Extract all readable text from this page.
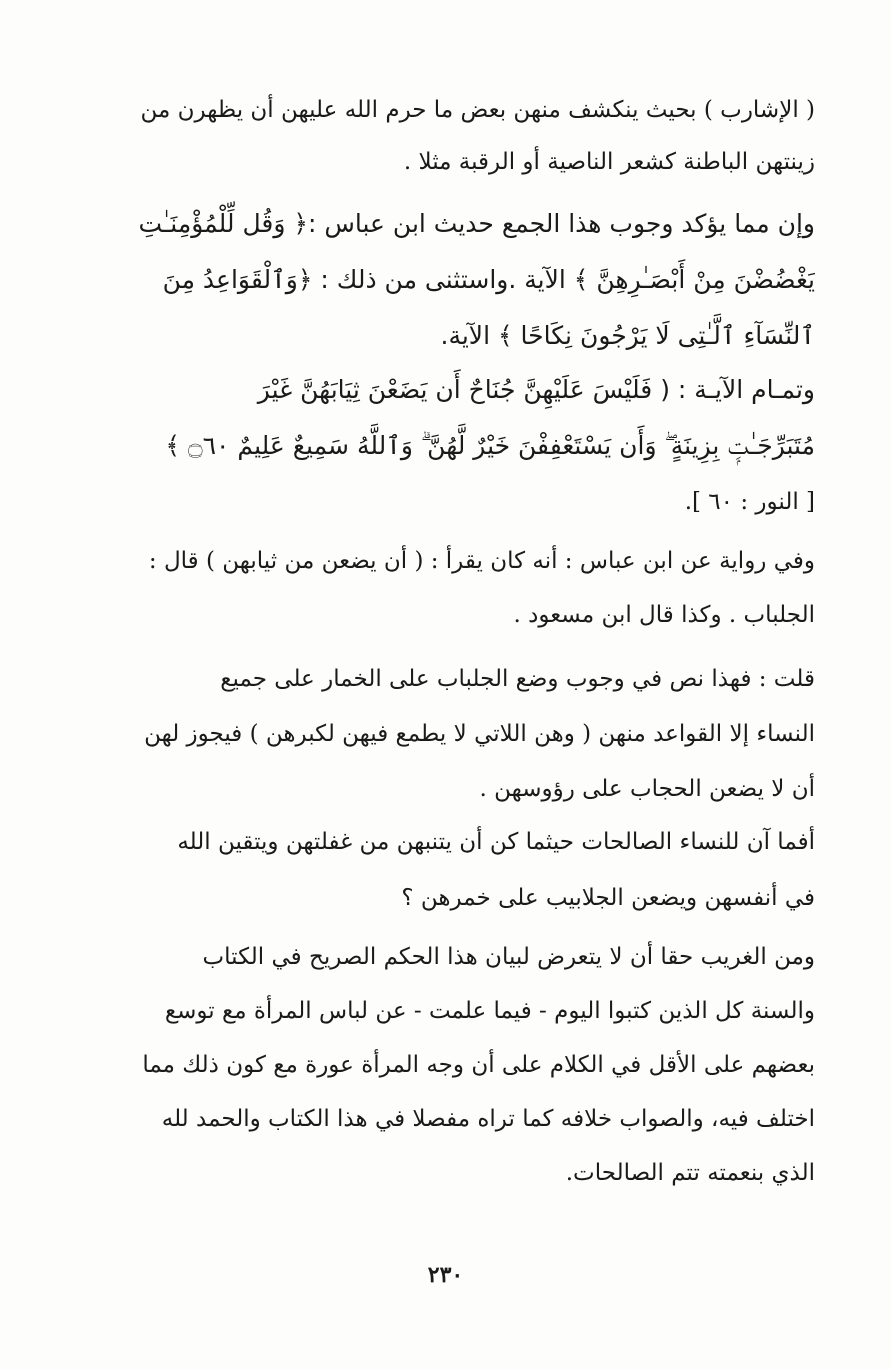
( الإشارب ) بحيث ينكشف منهن بعض ما حرم الله عليهن أن يظهرن من
زينتهن الباطنة كشعر الناصية أو الرقبة مثلا .
وإن مما يؤكد وجوب هذا الجمع حديث ابن عباس :﴿ وَقُل لِّلْمُؤْمِنَـٰتِ
يَغْضُضْنَ مِنْ أَبْصَـٰرِهِنَّ ﴾ الآية .واستثنى من ذلك : ﴿وَٱلْقَوَاعِدُ مِنَ
ٱلنِّسَآءِ ٱلَّـٰتِى لَا يَرْجُونَ نِكَاحًا ﴾ الآية.
وتمـام الآيـة : ( فَلَيْسَ عَلَيْهِنَّ جُنَاحٌ أَن يَضَعْنَ ثِيَابَهُنَّ غَيْرَ
مُتَبَرِّجَـٰتِۭ بِزِينَةٍ ۖ وَأَن يَسْتَعْفِفْنَ خَيْرٌ لَّهُنَّ ۗ وَٱللَّهُ سَمِيعٌ عَلِيمٌ ۝٦٠ ﴾
[ النور : ٦٠ ].
وفي رواية عن ابن عباس : أنه كان يقرأ : ( أن يضعن من ثيابهن ) قال :
الجلباب . وكذا قال ابن مسعود .
قلت : فهذا نص في وجوب وضع الجلباب على الخمار على جميع
النساء إلا القواعد منهن ( وهن اللاتي لا يطمع فيهن لكبرهن ) فيجوز لهن
أن لا يضعن الحجاب على رؤوسهن .
أفما آن للنساء الصالحات حيثما كن أن يتنبهن من غفلتهن ويتقين الله
في أنفسهن ويضعن الجلابيب على خمرهن ؟
ومن الغريب حقا أن لا يتعرض لبيان هذا الحكم الصريح في الكتاب
والسنة كل الذين كتبوا اليوم - فيما علمت - عن لباس المرأة مع توسع
بعضهم على الأقل في الكلام على أن وجه المرأة عورة مع كون ذلك مما
اختلف فيه، والصواب خلافه كما تراه مفصلا في هذا الكتاب والحمد لله
الذي بنعمته تتم الصالحات.
٢٣٠
